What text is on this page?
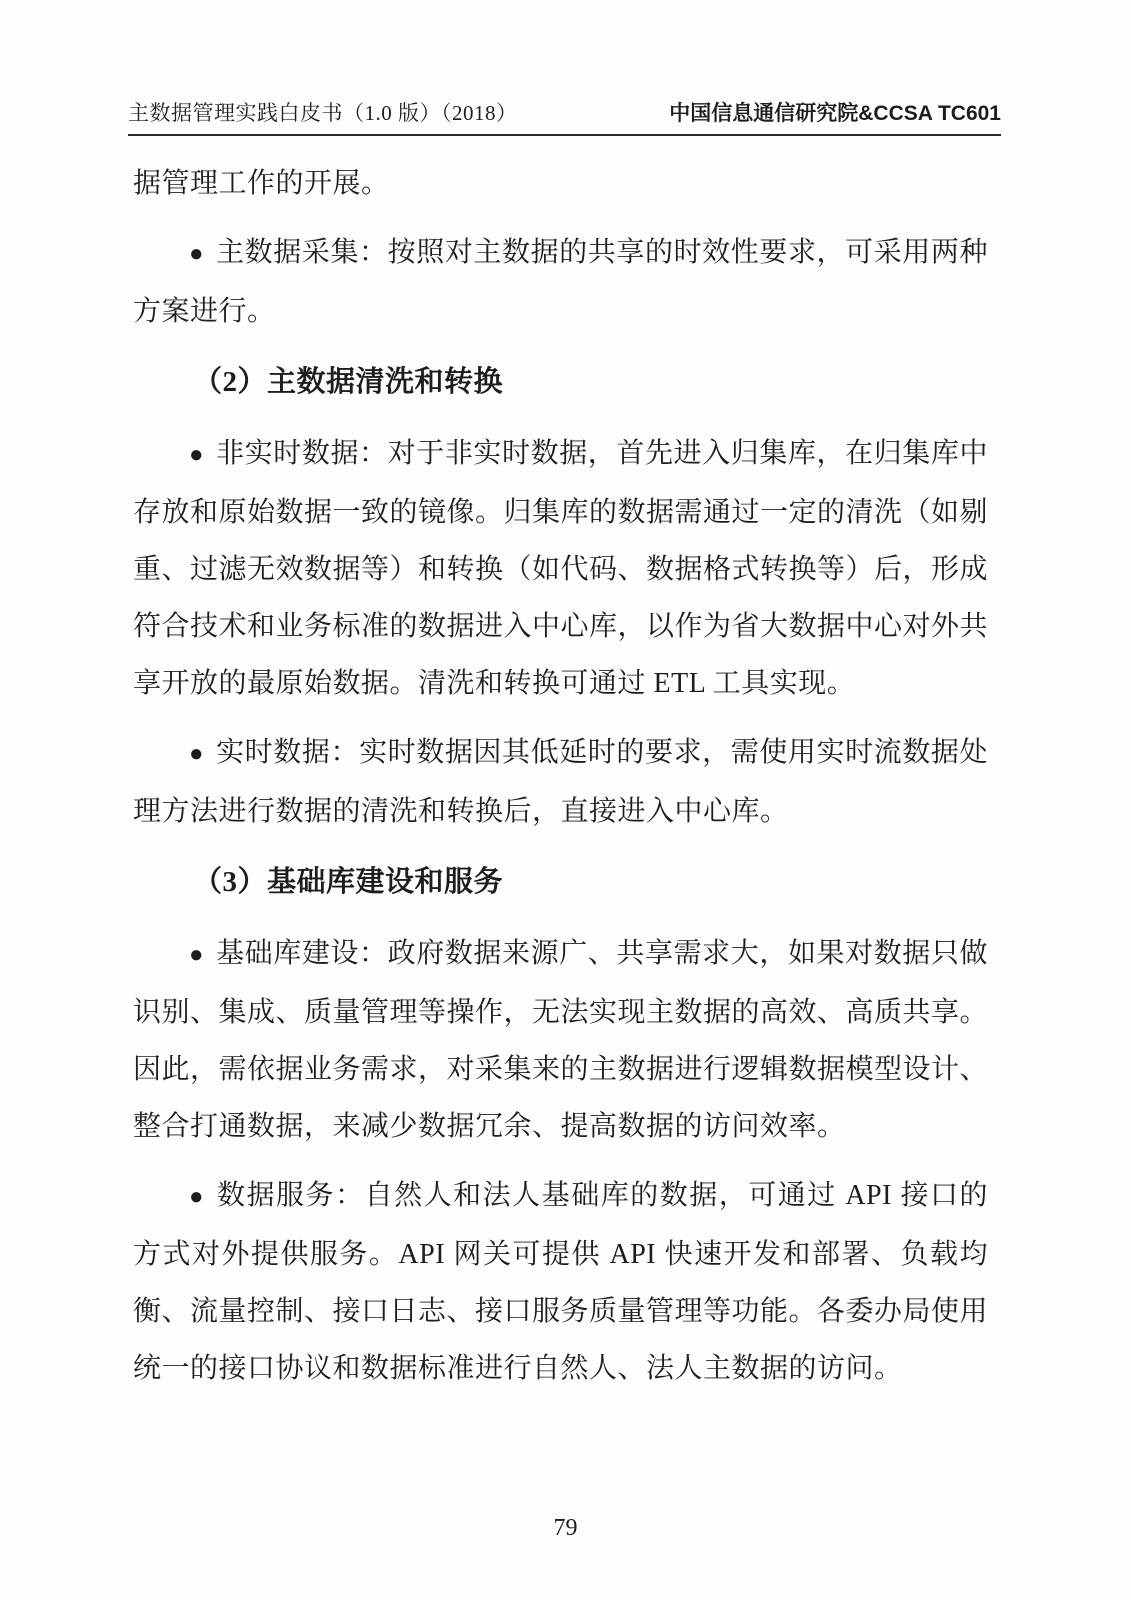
主数据管理实践白皮书（1.0 版）（2018）	中国信息通信研究院&CCSA TC601

据管理工作的开展。

● 主数据采集：按照对主数据的共享的时效性要求，可采用两种方案进行。

（2）主数据清洗和转换

● 非实时数据：对于非实时数据，首先进入归集库，在归集库中存放和原始数据一致的镜像。归集库的数据需通过一定的清洗（如剔重、过滤无效数据等）和转换（如代码、数据格式转换等）后，形成符合技术和业务标准的数据进入中心库，以作为省大数据中心对外共享开放的最原始数据。清洗和转换可通过 ETL 工具实现。

● 实时数据：实时数据因其低延时的要求，需使用实时流数据处理方法进行数据的清洗和转换后，直接进入中心库。

（3）基础库建设和服务

● 基础库建设：政府数据来源广、共享需求大，如果对数据只做识别、集成、质量管理等操作，无法实现主数据的高效、高质共享。因此，需依据业务需求，对采集来的主数据进行逻辑数据模型设计、整合打通数据，来减少数据冗余、提高数据的访问效率。

● 数据服务：自然人和法人基础库的数据，可通过 API 接口的方式对外提供服务。API 网关可提供 API 快速开发和部署、负载均衡、流量控制、接口日志、接口服务质量管理等功能。各委办局使用统一的接口协议和数据标准进行自然人、法人主数据的访问。

79
